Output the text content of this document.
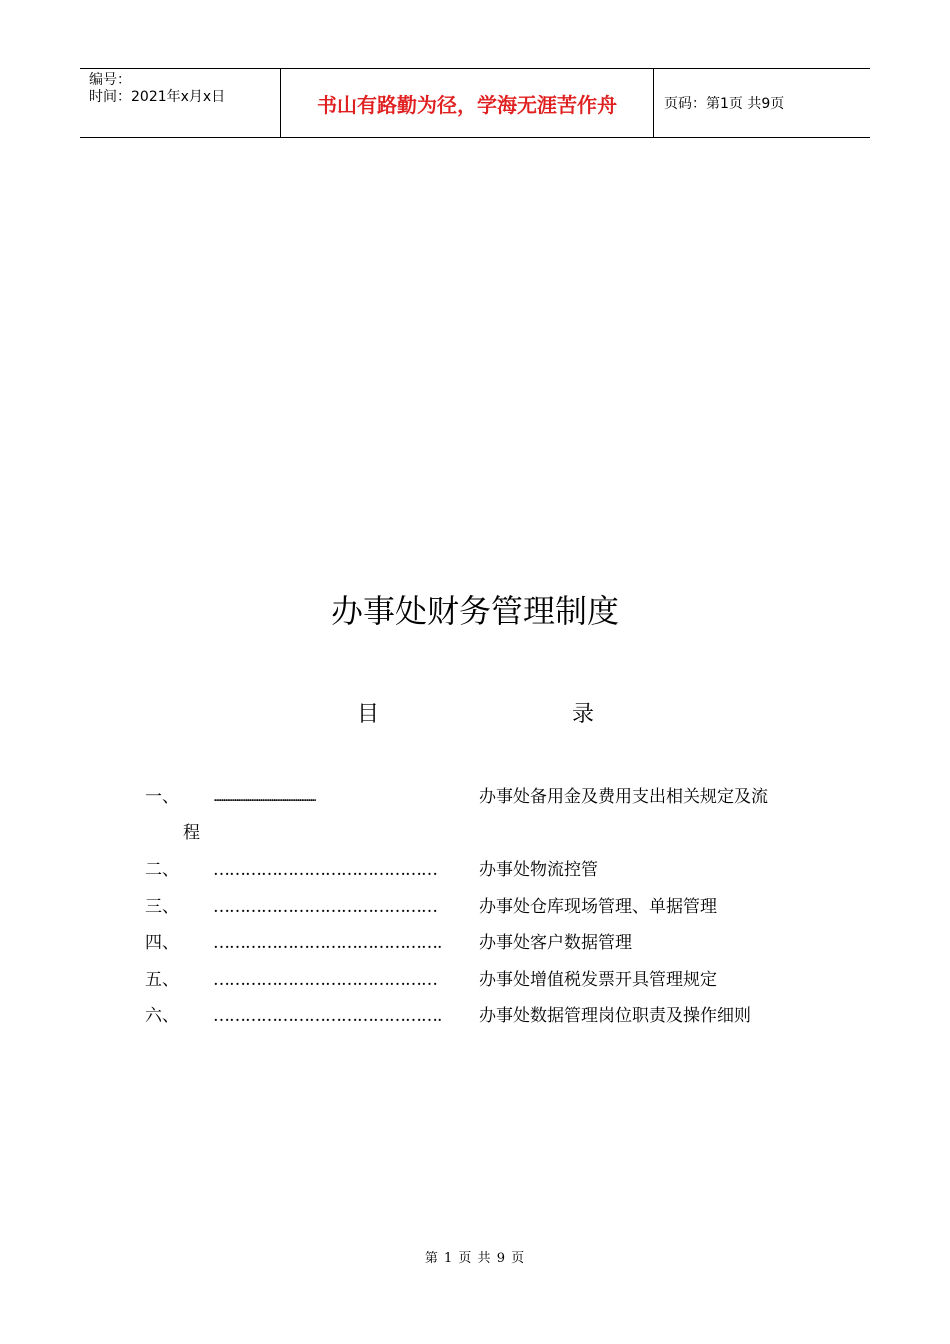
编号：
时间：2021年x月x日	书山有路勤为径，学海无涯苦作舟	页码：第1页 共9页
办事处财务管理制度
目	录
一、 .......................................................	办事处备用金及费用支出相关规定及流
程
二、 …………………………………… 办事处物流控管
三、 …………………………………… 办事处仓库现场管理、单据管理
四、 ……………………………………. 办事处客户数据管理
五、 …………………………………… 办事处增值税发票开具管理规定
六、 ……………………………………. 办事处数据管理岗位职责及操作细则
第 1 页 共 9 页
